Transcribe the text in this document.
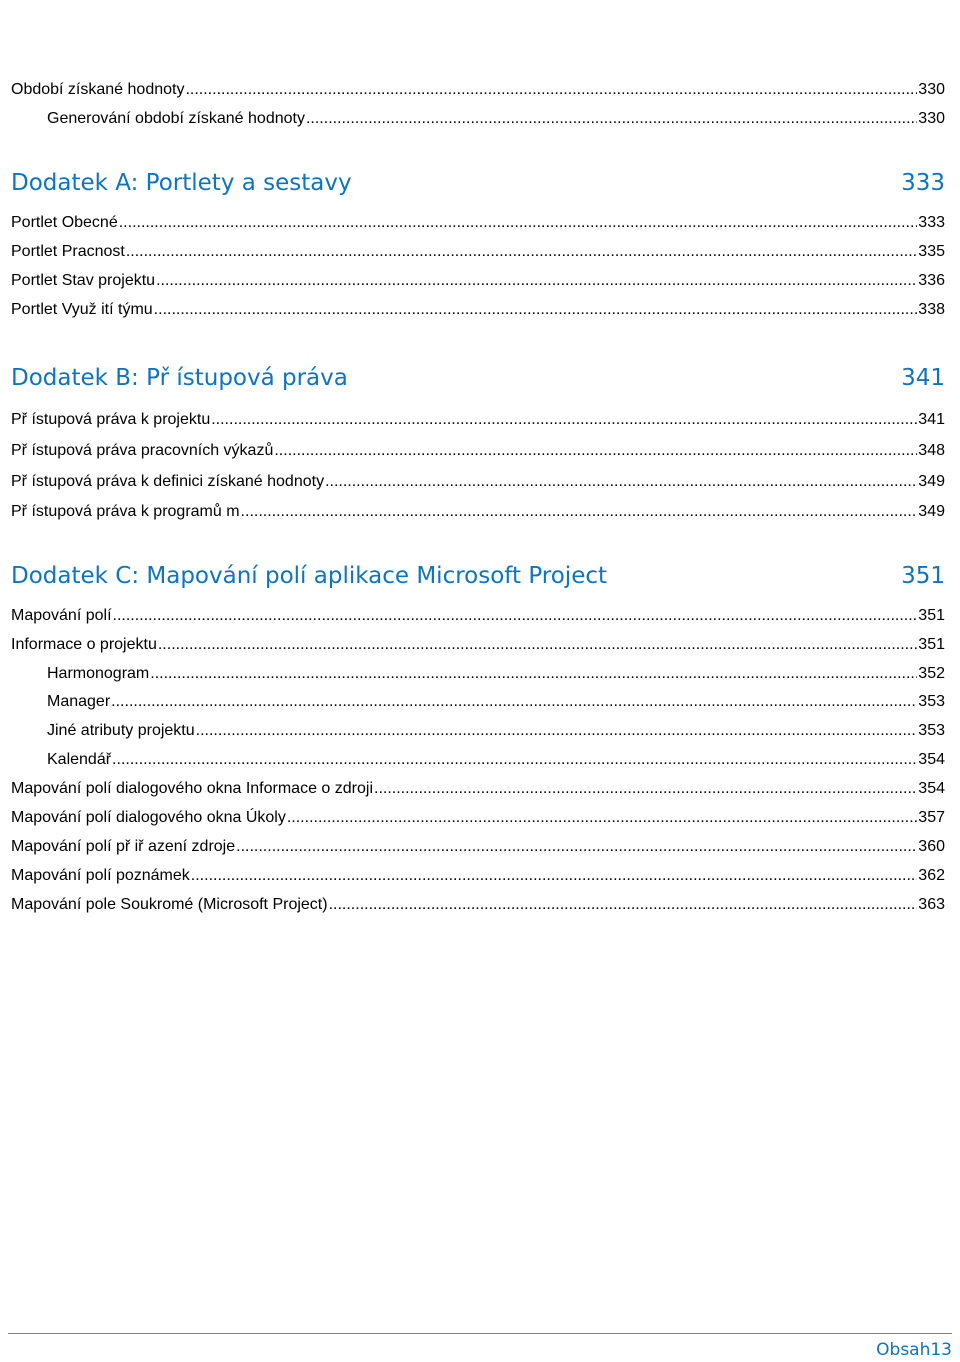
Období získané hodnoty .....	330
Generování období získané hodnoty .....	330
Dodatek A: Portlety a sestavy	333
Portlet Obecné .....	333
Portlet Pracnost .....	335
Portlet Stav projektu .....	336
Portlet Využ ití týmu .....	338
Dodatek B: Př ístupová práva	341
Př ístupová práva k projektu .....	341
Př ístupová práva pracovních výkazů .....	348
Př ístupová práva k definici získané hodnoty .....	349
Př ístupová práva k programů m .....	349
Dodatek C: Mapování polí aplikace Microsoft Project	351
Mapování polí .....	351
Informace o projektu .....	351
Harmonogram .....	352
Manager .....	353
Jiné atributy projektu .....	353
Kalendář .....	354
Mapování polí dialogového okna Informace o zdroji .....	354
Mapování polí dialogového okna Úkoly .....	357
Mapování polí př iř azení zdroje .....	360
Mapování polí poznámek .....	362
Mapování pole Soukromé (Microsoft Project) .....	363
Obsah13
